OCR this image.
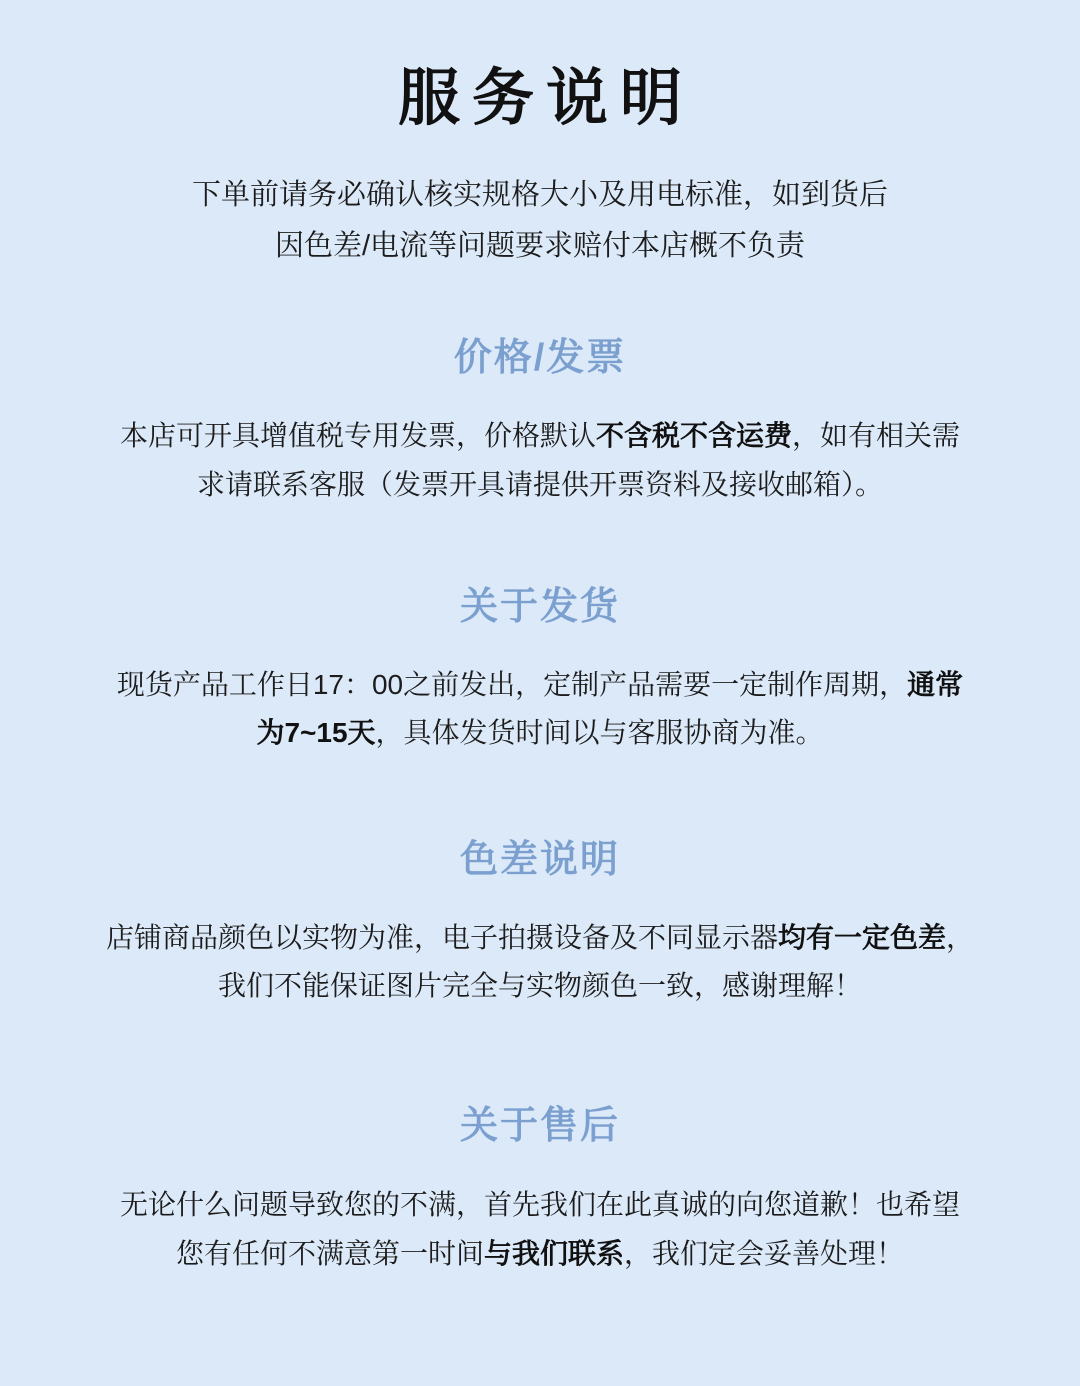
服务说明
下单前请务必确认核实规格大小及用电标准，如到货后
因色差/电流等问题要求赔付本店概不负责
价格/发票

本店可开具增值税专用发票，价格默认不含税不含运费，如有相关需求请联系客服（发票开具请提供开票资料及接收邮箱）。

关于发货

现货产品工作日17：00之前发出，定制产品需要一定制作周期，通常为7~15天，具体发货时间以与客服协商为准。

色差说明

店铺商品颜色以实物为准，电子拍摄设备及不同显示器均有一定色差，我们不能保证图片完全与实物颜色一致，感谢理解！

关于售后

无论什么问题导致您的不满，首先我们在此真诚的向您道歉！也希望您有任何不满意第一时间与我们联系，我们定会妥善处理！
